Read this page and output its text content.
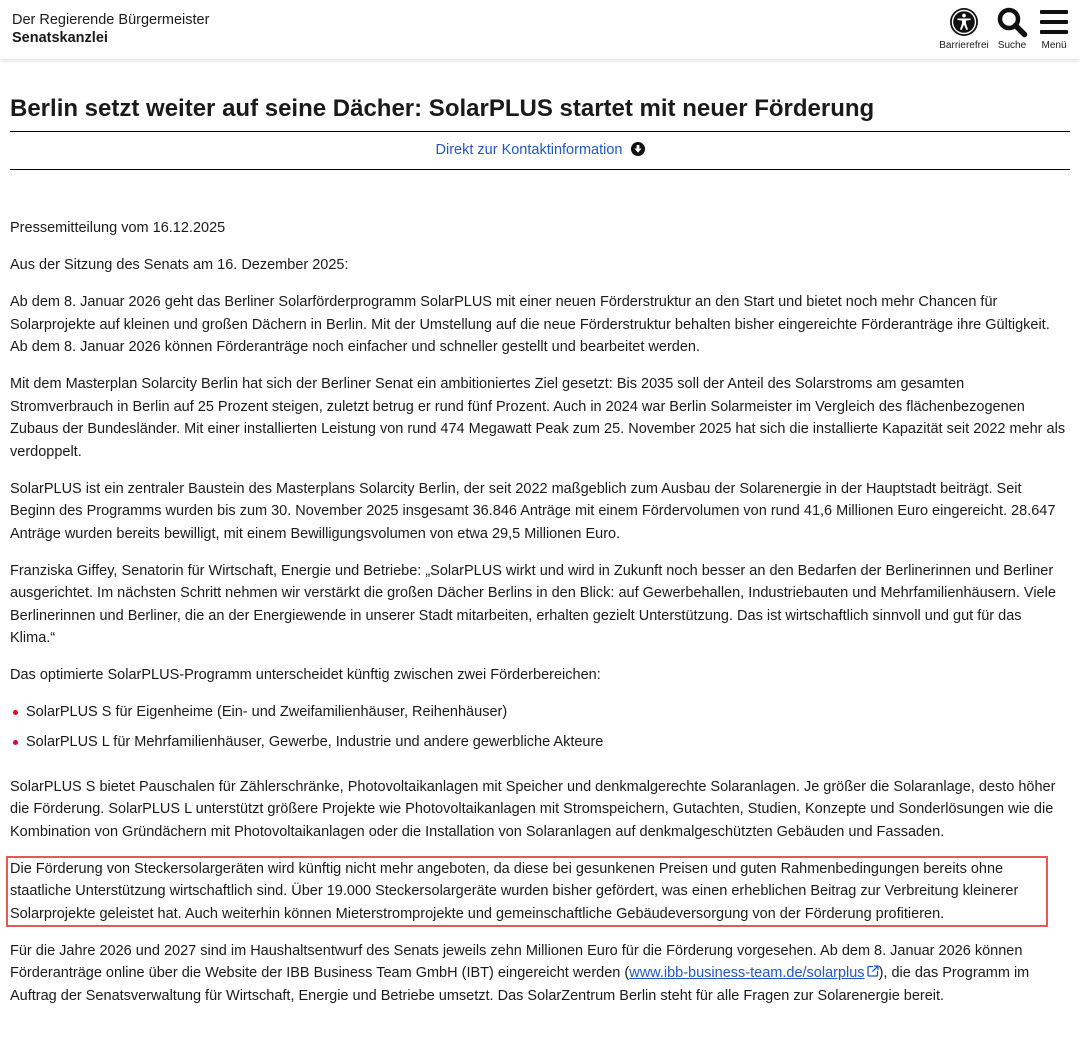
Der Regierende Bürgermeister
Senatskanzlei	Barrierefrei Suche Menü
Berlin setzt weiter auf seine Dächer: SolarPLUS startet mit neuer Förderung
Direkt zur Kontaktinformation

Pressemitteilung vom 16.12.2025

Aus der Sitzung des Senats am 16. Dezember 2025:

Ab dem 8. Januar 2026 geht das Berliner Solarförderprogramm SolarPLUS mit einer neuen Förderstruktur an den Start und bietet noch mehr Chancen für Solarprojekte auf kleinen und großen Dächern in Berlin. Mit der Umstellung auf die neue Förderstruktur behalten bisher eingereichte Förderanträge ihre Gültigkeit. Ab dem 8. Januar 2026 können Förderanträge noch einfacher und schneller gestellt und bearbeitet werden.

Mit dem Masterplan Solarcity Berlin hat sich der Berliner Senat ein ambitioniertes Ziel gesetzt: Bis 2035 soll der Anteil des Solarstroms am gesamten Stromverbrauch in Berlin auf 25 Prozent steigen, zuletzt betrug er rund fünf Prozent. Auch in 2024 war Berlin Solarmeister im Vergleich des flächenbezogenen Zubaus der Bundesländer. Mit einer installierten Leistung von rund 474 Megawatt Peak zum 25. November 2025 hat sich die installierte Kapazität seit 2022 mehr als verdoppelt.

SolarPLUS ist ein zentraler Baustein des Masterplans Solarcity Berlin, der seit 2022 maßgeblich zum Ausbau der Solarenergie in der Hauptstadt beiträgt. Seit Beginn des Programms wurden bis zum 30. November 2025 insgesamt 36.846 Anträge mit einem Fördervolumen von rund 41,6 Millionen Euro eingereicht. 28.647 Anträge wurden bereits bewilligt, mit einem Bewilligungsvolumen von etwa 29,5 Millionen Euro.

Franziska Giffey, Senatorin für Wirtschaft, Energie und Betriebe: „SolarPLUS wirkt und wird in Zukunft noch besser an den Bedarfen der Berlinerinnen und Berliner ausgerichtet. Im nächsten Schritt nehmen wir verstärkt die großen Dächer Berlins in den Blick: auf Gewerbehallen, Industriebauten und Mehrfamilienhäusern. Viele Berlinerinnen und Berliner, die an der Energiewende in unserer Stadt mitarbeiten, erhalten gezielt Unterstützung. Das ist wirtschaftlich sinnvoll und gut für das Klima.“

Das optimierte SolarPLUS-Programm unterscheidet künftig zwischen zwei Förderbereichen:

SolarPLUS S für Eigenheime (Ein- und Zweifamilienhäuser, Reihenhäuser)
SolarPLUS L für Mehrfamilienhäuser, Gewerbe, Industrie und andere gewerbliche Akteure

SolarPLUS S bietet Pauschalen für Zählerschränke, Photovoltaikanlagen mit Speicher und denkmalgerechte Solaranlagen. Je größer die Solaranlage, desto höher die Förderung. SolarPLUS L unterstützt größere Projekte wie Photovoltaikanlagen mit Stromspeichern, Gutachten, Studien, Konzepte und Sonderlösungen wie die Kombination von Gründächern mit Photovoltaikanlagen oder die Installation von Solaranlagen auf denkmalgeschützten Gebäuden und Fassaden.

Die Förderung von Steckersolargeräten wird künftig nicht mehr angeboten, da diese bei gesunkenen Preisen und guten Rahmenbedingungen bereits ohne staatliche Unterstützung wirtschaftlich sind. Über 19.000 Steckersolargeräte wurden bisher gefördert, was einen erheblichen Beitrag zur Verbreitung kleinerer Solarprojekte geleistet hat. Auch weiterhin können Mieterstromprojekte und gemeinschaftliche Gebäudeversorgung von der Förderung profitieren.

Für die Jahre 2026 und 2027 sind im Haushaltsentwurf des Senats jeweils zehn Millionen Euro für die Förderung vorgesehen. Ab dem 8. Januar 2026 können Förderanträge online über die Website der IBB Business Team GmbH (IBT) eingereicht werden (www.ibb-business-team.de/solarplus ), die das Programm im Auftrag der Senatsverwaltung für Wirtschaft, Energie und Betriebe umsetzt. Das SolarZentrum Berlin steht für alle Fragen zur Solarenergie bereit.
